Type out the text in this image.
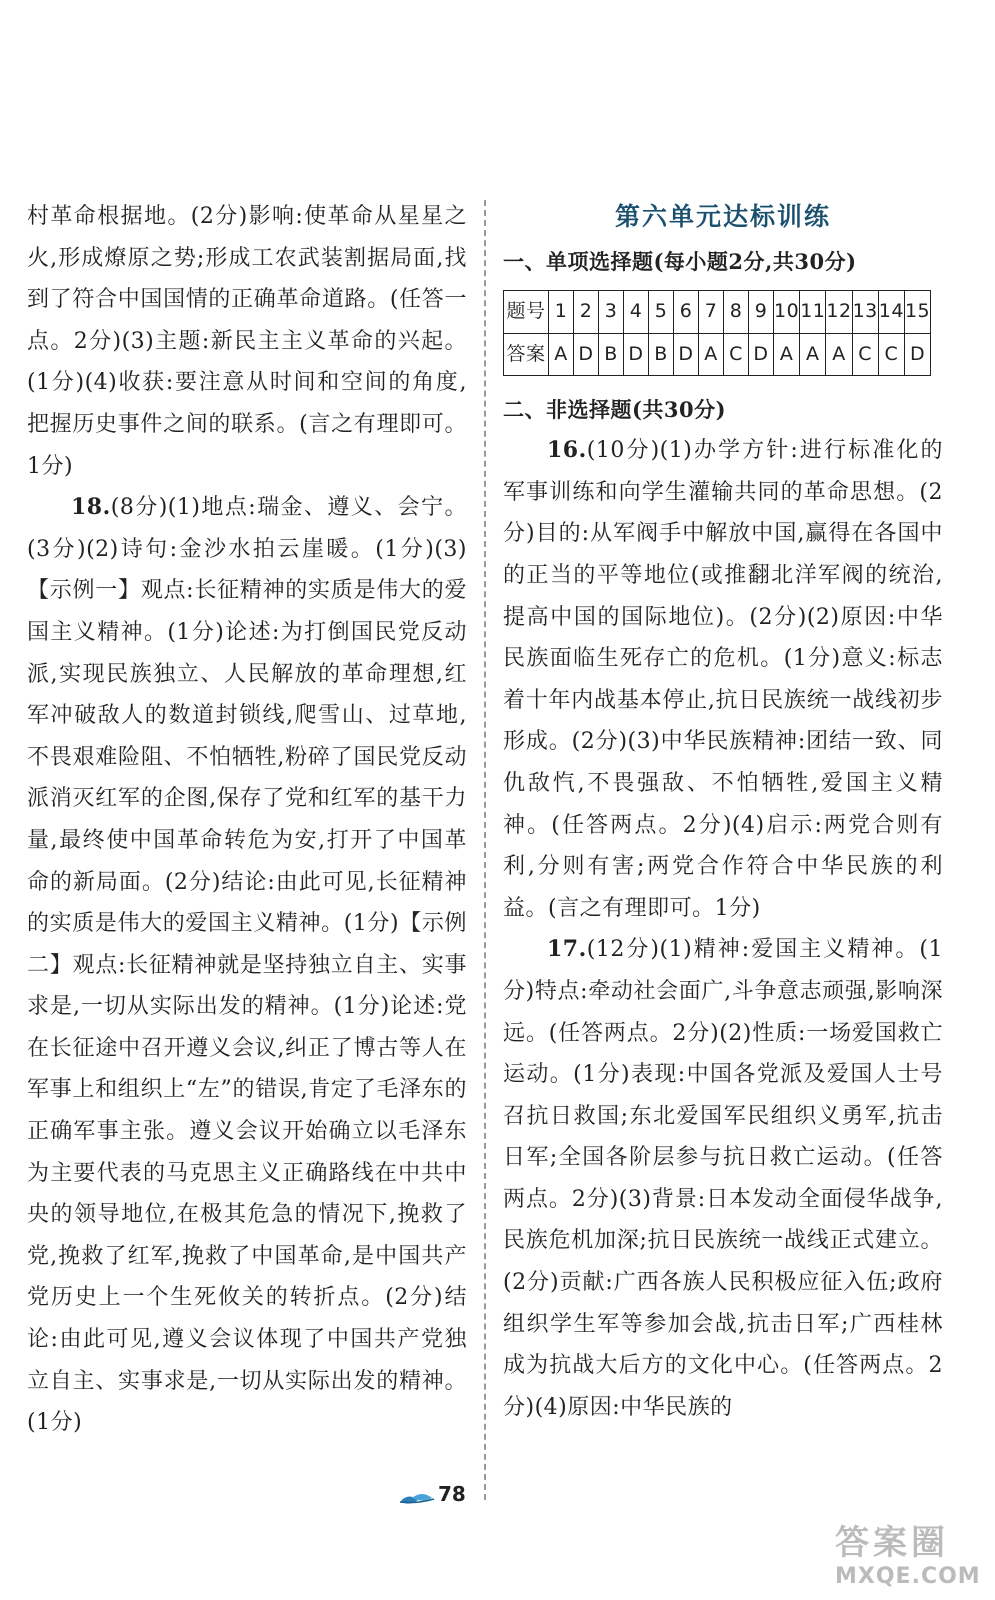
村革命根据地。(2分)影响:使革命从星星之火,形成燎原之势;形成工农武装割据局面,找到了符合中国国情的正确革命道路。(任答一点。2分)(3)主题:新民主主义革命的兴起。(1分)(4)收获:要注意从时间和空间的角度,把握历史事件之间的联系。(言之有理即可。1分)

18.(8分)(1)地点:瑞金、遵义、会宁。(3分)(2)诗句:金沙水拍云崖暖。(1分)(3)【示例一】观点:长征精神的实质是伟大的爱国主义精神。(1分)论述:为打倒国民党反动派,实现民族独立、人民解放的革命理想,红军冲破敌人的数道封锁线,爬雪山、过草地,不畏艰难险阻、不怕牺牲,粉碎了国民党反动派消灭红军的企图,保存了党和红军的基干力量,最终使中国革命转危为安,打开了中国革命的新局面。(2分)结论:由此可见,长征精神的实质是伟大的爱国主义精神。(1分)【示例二】观点:长征精神就是坚持独立自主、实事求是,一切从实际出发的精神。(1分)论述:党在长征途中召开遵义会议,纠正了博古等人在军事上和组织上“左”的错误,肯定了毛泽东的正确军事主张。遵义会议开始确立以毛泽东为主要代表的马克思主义正确路线在中共中央的领导地位,在极其危急的情况下,挽救了党,挽救了红军,挽救了中国革命,是中国共产党历史上一个生死攸关的转折点。(2分)结论:由此可见,遵义会议体现了中国共产党独立自主、实事求是,一切从实际出发的精神。(1分)

第六单元达标训练

一、单项选择题(每小题2分,共30分)

题号	1	2	3	4	5	6	7	8	9	10	11	12	13	14	15
答案	A	D	B	D	B	D	A	C	D	A	A	A	C	C	D

二、非选择题(共30分)

16.(10分)(1)办学方针:进行标准化的军事训练和向学生灌输共同的革命思想。(2分)目的:从军阀手中解放中国,赢得在各国中的正当的平等地位(或推翻北洋军阀的统治,提高中国的国际地位)。(2分)(2)原因:中华民族面临生死存亡的危机。(1分)意义:标志着十年内战基本停止,抗日民族统一战线初步形成。(2分)(3)中华民族精神:团结一致、同仇敌忾,不畏强敌、不怕牺牲,爱国主义精神。(任答两点。2分)(4)启示:两党合则有利,分则有害;两党合作符合中华民族的利益。(言之有理即可。1分)

17.(12分)(1)精神:爱国主义精神。(1分)特点:牵动社会面广,斗争意志顽强,影响深远。(任答两点。2分)(2)性质:一场爱国救亡运动。(1分)表现:中国各党派及爱国人士号召抗日救国;东北爱国军民组织义勇军,抗击日军;全国各阶层参与抗日救亡运动。(任答两点。2分)(3)背景:日本发动全面侵华战争,民族危机加深;抗日民族统一战线正式建立。(2分)贡献:广西各族人民积极应征入伍;政府组织学生军等参加会战,抗击日军;广西桂林成为抗战大后方的文化中心。(任答两点。2分)(4)原因:中华民族的

78
答案圈
MXQE.COM
